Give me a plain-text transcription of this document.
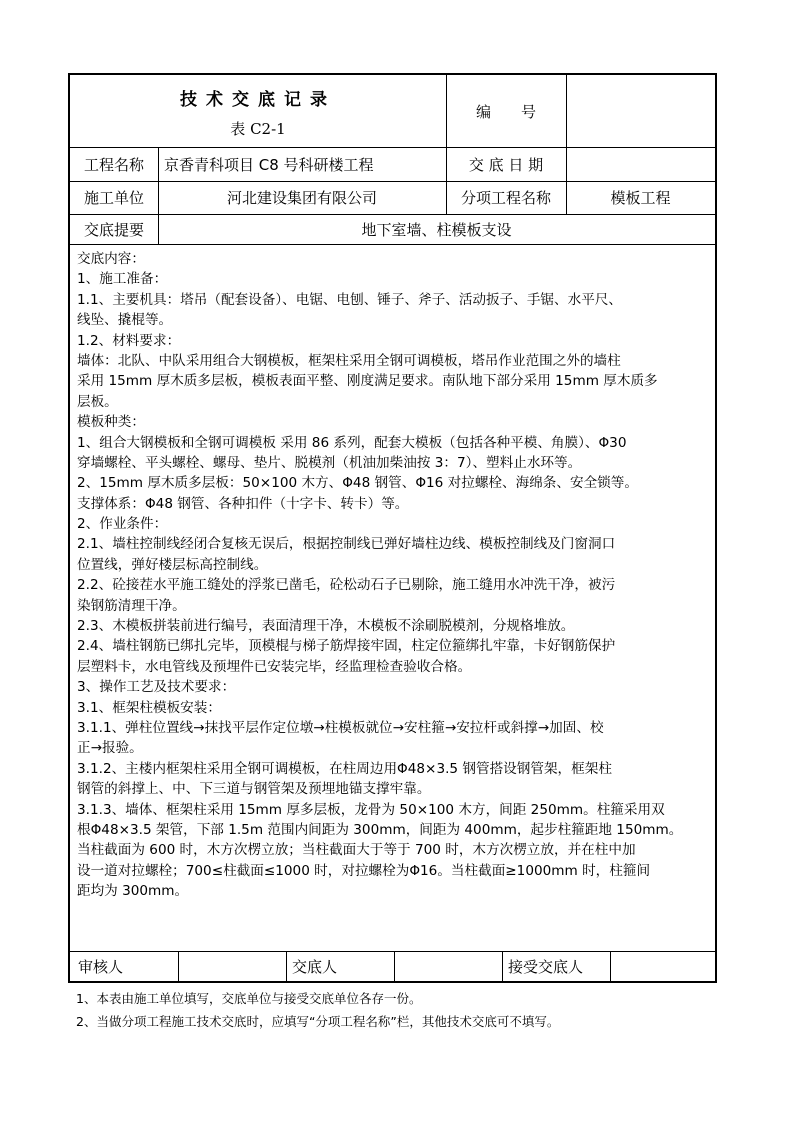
技术交底记录
表 C2-1
编　　号
工程名称	京香青科项目 C8 号科研楼工程	交 底 日 期
施工单位	河北建设集团有限公司	分项工程名称	模板工程
交底提要	地下室墙、柱模板支设
交底内容：
1、施工准备：
1.1、主要机具：塔吊（配套设备）、电锯、电刨、锤子、斧子、活动扳子、手锯、水平尺、
线坠、撬棍等。
1.2、材料要求：
墙体：北队、中队采用组合大钢模板，框架柱采用全钢可调模板，塔吊作业范围之外的墙柱
采用 15mm 厚木质多层板，模板表面平整、刚度满足要求。南队地下部分采用 15mm 厚木质多
层板。
模板种类：
1、组合大钢模板和全钢可调模板 采用 86 系列，配套大模板（包括各种平模、角膜）、Φ30
穿墙螺栓、平头螺栓、螺母、垫片、脱模剂（机油加柴油按 3：7）、塑料止水环等。
2、15mm 厚木质多层板：50×100 木方、Φ48 钢管、Φ16 对拉螺栓、海绵条、安全锁等。
支撑体系：Φ48 钢管、各种扣件（十字卡、转卡）等。
2、作业条件：
2.1、墙柱控制线经闭合复核无误后，根据控制线已弹好墙柱边线、模板控制线及门窗洞口
位置线，弹好楼层标高控制线。
2.2、砼接茬水平施工缝处的浮浆已凿毛，砼松动石子已剔除，施工缝用水冲洗干净，被污
染钢筋清理干净。
2.3、木模板拼装前进行编号，表面清理干净，木模板不涂刷脱模剂，分规格堆放。
2.4、墙柱钢筋已绑扎完毕，顶模棍与梯子筋焊接牢固，柱定位箍绑扎牢靠，卡好钢筋保护
层塑料卡，水电管线及预埋件已安装完毕，经监理检查验收合格。
3、操作工艺及技术要求：
3.1、框架柱模板安装：
3.1.1、弹柱位置线→抹找平层作定位墩→柱模板就位→安柱箍→安拉杆或斜撑→加固、校
正→报验。
3.1.2、主楼内框架柱采用全钢可调模板，在柱周边用Φ48×3.5 钢管搭设钢管架，框架柱
钢管的斜撑上、中、下三道与钢管架及预埋地锚支撑牢靠。
3.1.3、墙体、框架柱采用 15mm 厚多层板，龙骨为 50×100 木方，间距 250mm。柱箍采用双
根Φ48×3.5 架管，下部 1.5m 范围内间距为 300mm，间距为 400mm，起步柱箍距地 150mm。
当柱截面为 600 时，木方次楞立放；当柱截面大于等于 700 时，木方次楞立放，并在柱中加
设一道对拉螺栓；700≤柱截面≤1000 时，对拉螺栓为Φ16。当柱截面≥1000mm 时，柱箍间
距均为 300mm。
审核人	交底人	接受交底人
1、本表由施工单位填写，交底单位与接受交底单位各存一份。
2、当做分项工程施工技术交底时，应填写“分项工程名称”栏，其他技术交底可不填写。
